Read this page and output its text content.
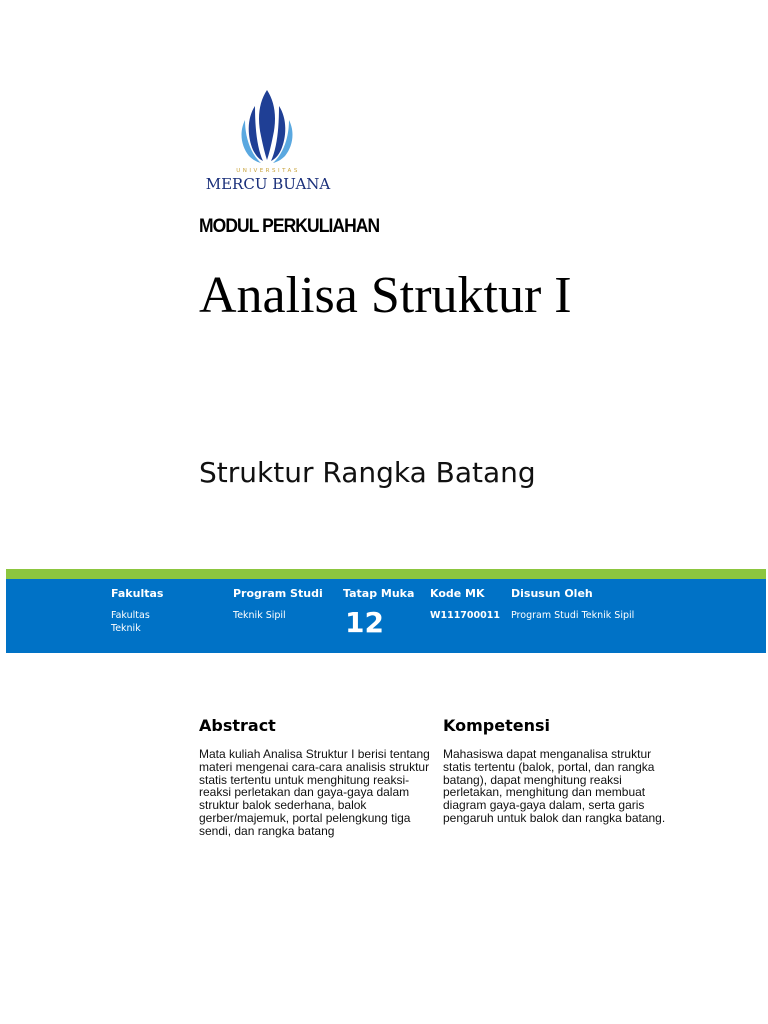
UNIVERSITAS
MERCU BUANA
MODUL PERKULIAHAN
Analisa Struktur I
Struktur Rangka Batang
Fakultas
Fakultas
Teknik
Program Studi
Teknik Sipil
Tatap Muka
12
Kode MK
W111700011
Disusun Oleh
Program Studi Teknik Sipil
Abstract
Mata kuliah Analisa Struktur I berisi tentang materi mengenai cara-cara analisis struktur statis tertentu untuk menghitung reaksi-reaksi perletakan dan gaya-gaya dalam struktur balok sederhana, balok gerber/majemuk, portal pelengkung tiga sendi, dan rangka batang
Kompetensi
Mahasiswa dapat menganalisa struktur statis tertentu (balok, portal, dan rangka batang), dapat menghitung reaksi perletakan, menghitung dan membuat diagram gaya-gaya dalam, serta garis pengaruh untuk balok dan rangka batang.
